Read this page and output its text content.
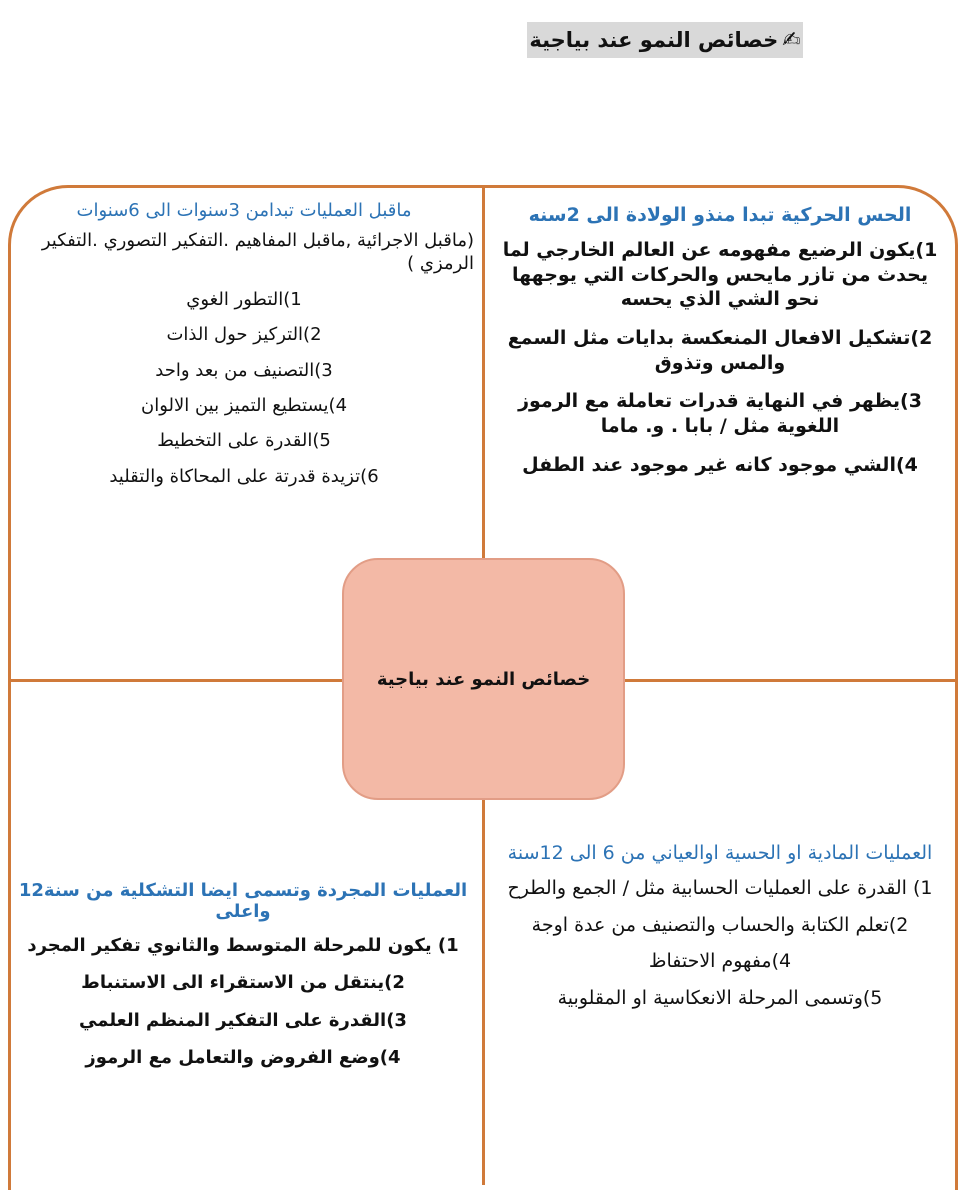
✍
خصائص النمو عند بياجية
خصائص النمو عند بياجية
الحس الحركية تبدا منذو الولادة الى 2سنه
1)يكون الرضيع مفهومه عن العالم الخارجي لما يحدث من تازر مايحس والحركات التي يوجهها نحو الشي الذي يحسه
2)تشكيل الافعال المنعكسة بدايات مثل السمع والمس وتذوق
3)يظهر في النهاية قدرات تعاملة مع الرموز اللغوية مثل / بابا . و. ماما
4)الشي موجود كانه غير موجود عند الطفل
ماقبل العمليات تبدامن 3سنوات الى 6سنوات
(ماقبل الاجرائية ,ماقبل المفاهيم .التفكير التصوري .التفكير الرمزي )
1)التطور الغوي
2)التركيز حول الذات
3)التصنيف من بعد واحد
4)يستطيع التميز بين الالوان
5)القدرة على التخطيط
6)تزيدة قدرتة على المحاكاة والتقليد
العمليات المادية او الحسية اوالعياني من 6 الى 12سنة
1) القدرة على العمليات الحسابية مثل / الجمع والطرح
2)تعلم الكتابة والحساب والتصنيف من عدة اوجة
4)مفهوم الاحتفاظ
5)وتسمى المرحلة الانعكاسية او المقلوبية
العمليات المجردة وتسمى ايضا التشكلية من سنة12 واعلى
1) يكون للمرحلة المتوسط والثانوي تفكير المجرد
2)ينتقل من الاستقراء الى الاستنباط
3)القدرة على التفكير المنظم العلمي
4)وضع الفروض والتعامل مع الرموز
